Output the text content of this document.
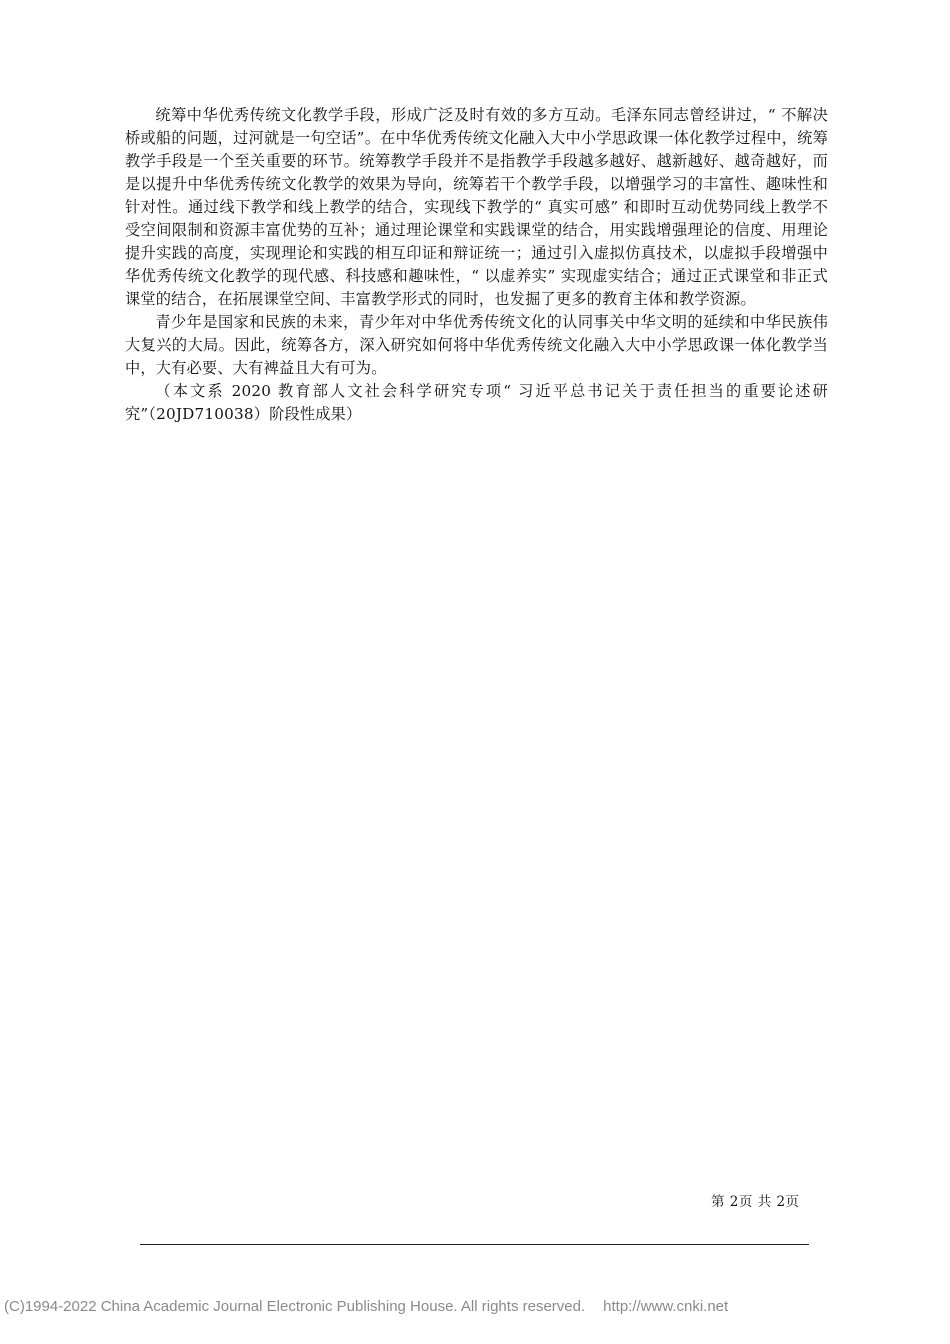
统筹中华优秀传统文化教学手段，形成广泛及时有效的多方互动。毛泽东同志曾经讲过，“ 不解决桥或船的问题，过河就是一句空话”。在中华优秀传统文化融入大中小学思政课一体化教学过程中，统筹教学手段是一个至关重要的环节。统筹教学手段并不是指教学手段越多越好、越新越好、越奇越好，而是以提升中华优秀传统文化教学的效果为导向，统筹若干个教学手段，以增强学习的丰富性、趣味性和针对性。通过线下教学和线上教学的结合，实现线下教学的“ 真实可感” 和即时互动优势同线上教学不受空间限制和资源丰富优势的互补；通过理论课堂和实践课堂的结合，用实践增强理论的信度、用理论提升实践的高度，实现理论和实践的相互印证和辩证统一；通过引入虚拟仿真技术，以虚拟手段增强中华优秀传统文化教学的现代感、科技感和趣味性，“ 以虚养实” 实现虚实结合；通过正式课堂和非正式课堂的结合，在拓展课堂空间、丰富教学形式的同时，也发掘了更多的教育主体和教学资源。

青少年是国家和民族的未来，青少年对中华优秀传统文化的认同事关中华文明的延续和中华民族伟大复兴的大局。因此，统筹各方，深入研究如何将中华优秀传统文化融入大中小学思政课一体化教学当中，大有必要、大有裨益且大有可为。

（本文系 2020 教育部人文社会科学研究专项“ 习近平总书记关于责任担当的重要论述研究”（20JD710038）阶段性成果）

第 2页 共 2页
(C)1994-2022 China Academic Journal Electronic Publishing House. All rights reserved. http://www.cnki.net
